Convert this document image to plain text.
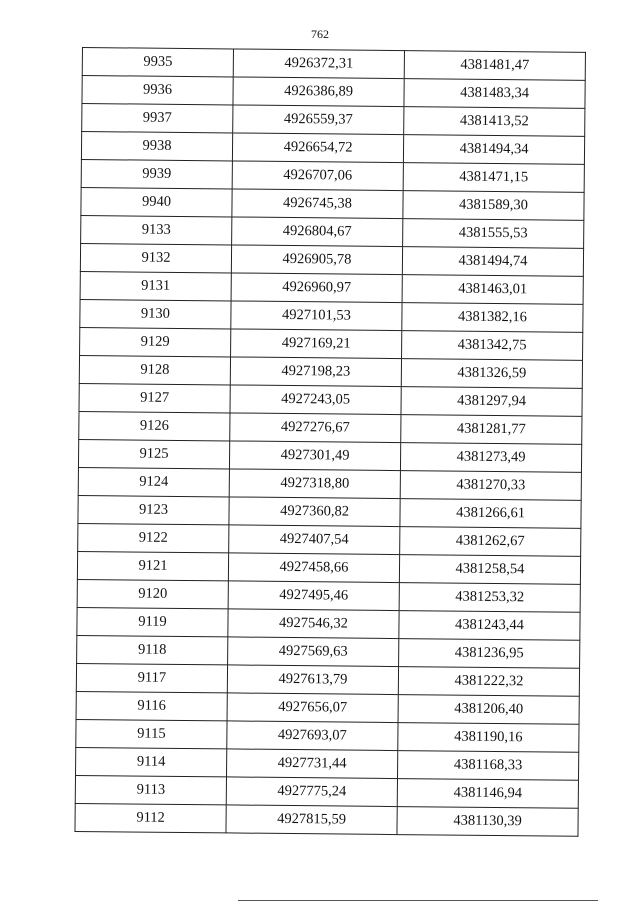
762
9935	4926372,31	4381481,47
9936	4926386,89	4381483,34
9937	4926559,37	4381413,52
9938	4926654,72	4381494,34
9939	4926707,06	4381471,15
9940	4926745,38	4381589,30
9133	4926804,67	4381555,53
9132	4926905,78	4381494,74
9131	4926960,97	4381463,01
9130	4927101,53	4381382,16
9129	4927169,21	4381342,75
9128	4927198,23	4381326,59
9127	4927243,05	4381297,94
9126	4927276,67	4381281,77
9125	4927301,49	4381273,49
9124	4927318,80	4381270,33
9123	4927360,82	4381266,61
9122	4927407,54	4381262,67
9121	4927458,66	4381258,54
9120	4927495,46	4381253,32
9119	4927546,32	4381243,44
9118	4927569,63	4381236,95
9117	4927613,79	4381222,32
9116	4927656,07	4381206,40
9115	4927693,07	4381190,16
9114	4927731,44	4381168,33
9113	4927775,24	4381146,94
9112	4927815,59	4381130,39
